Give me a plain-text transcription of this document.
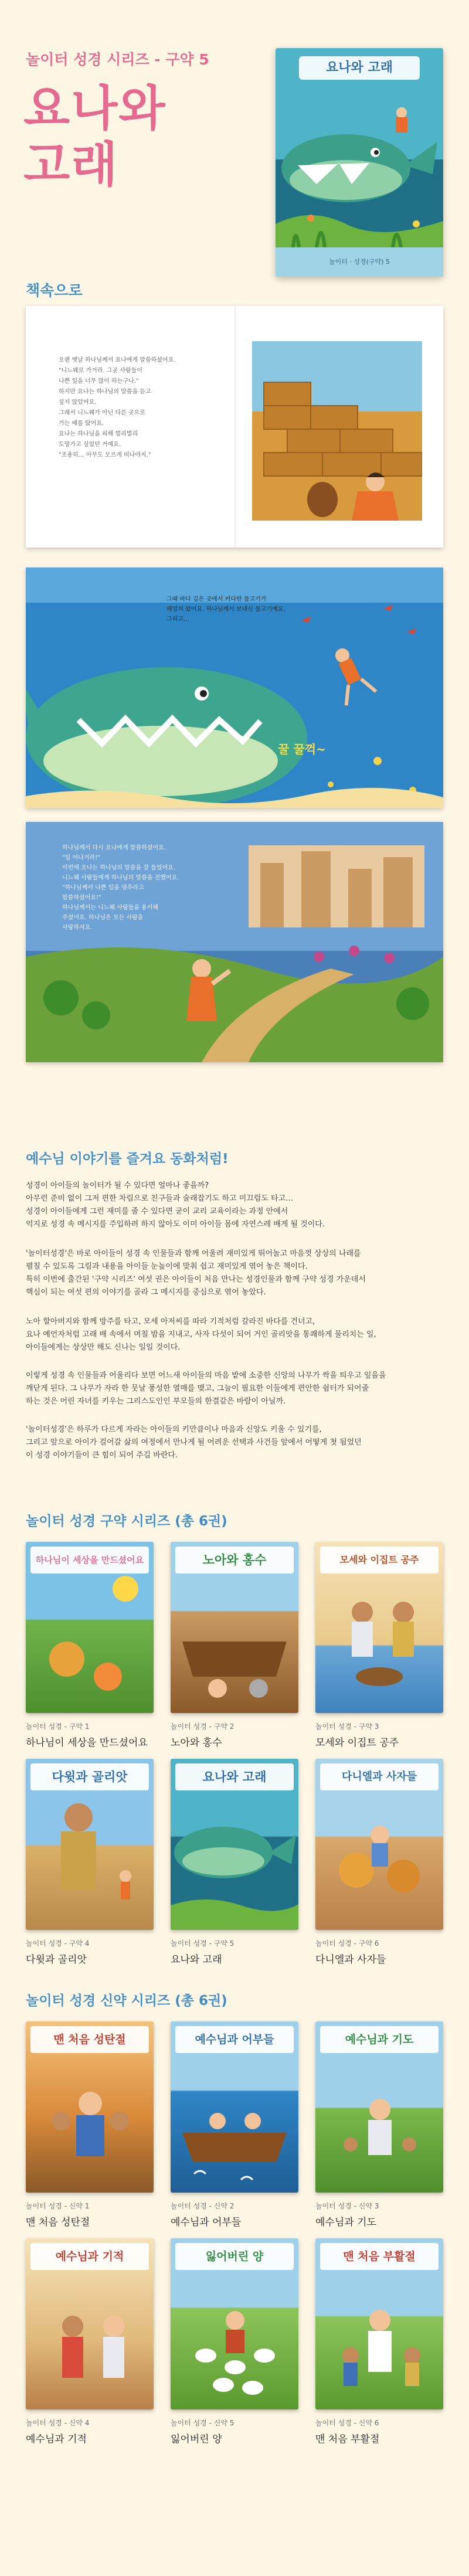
놀이터 성경 시리즈 - 구약 5
요나와
고래
요나와 고래
놀이터 · 성경(구약) 5
책속으로
오랜 옛날 하나님께서 요나에게 말씀하셨어요.
"니느웨로 가거라. 그곳 사람들이
나쁜 일을 너무 많이 하는구나."
하지만 요나는 하나님의 말씀을 듣고
싶지 않았어요.
그래서 니느웨가 아닌 다른 곳으로
가는 배를 탔어요.
요나는 하나님을 피해 멀리멀리
도망가고 싶었던 거예요.
"조용히… 아무도 모르게 떠나야지."
그때 바다 깊은 곳에서 커다란 물고기가
헤엄쳐 왔어요. 하나님께서 보내신 물고기예요.
그리고…
꿀 꿀꺽~
하나님께서 다시 요나에게 말씀하셨어요.
"일 어나거라!"
이번에 요나는 하나님의 말씀을 잘 들었어요.
니느웨 사람들에게 하나님의 말씀을 전했어요.
"하나님께서 나쁜 일을 멈추라고
말씀하셨어요!"
하나님께서는 니느웨 사람들을 용서해
주셨어요. 하나님은 모든 사람을
사랑하셔요.
예수님 이야기를 즐겨요 동화처럼!

성경이 아이들의 놀이터가 될 수 있다면 얼마나 좋을까?
아무런 준비 없이 그저 편한 차림으로 친구들과 술래잡기도 하고 미끄럼도 타고…
성경이 아이들에게 그런 재미를 줄 수 있다면 굳이 교리 교육이라는 과정 안에서
억지로 성경 속 메시지를 주입하려 하지 않아도 이미 아이들 몸에 자연스레 배게 될 것이다.

'놀이터성경'은 바로 아이들이 성경 속 인물들과 함께 어울려 재미있게 뛰어놀고 마음껏 상상의 나래를
펼칠 수 있도록 그림과 내용을 아이들 눈높이에 맞춰 쉽고 재미있게 엮어 놓은 책이다.
특히 이번에 출간된 '구약 시리즈' 여섯 권은 아이들이 처음 만나는 성경인물과 함께 구약 성경 가운데서
핵심이 되는 여섯 편의 이야기를 골라 그 메시지를 중심으로 엮어 놓았다.

노아 할아버지와 함께 방주를 타고, 모세 아저씨를 따라 기적처럼 갈라진 바다를 건너고,
요나 예언자처럼 고래 배 속에서 며칠 밤을 지내고, 사자 다섯이 되어 거인 골리앗을 통쾌하게 물리치는 일,
아이들에게는 상상만 해도 신나는 일일 것이다.

이렇게 성경 속 인물들과 어울리다 보면 어느새 아이들의 마음 밭에 소중한 신앙의 나무가 싹을 틔우고 잎을을
깨닫게 된다. 그 나무가 자라 한 뭇날 풍성한 열매를 맺고, 그늘이 필요한 이들에게 편안한 쉼터가 되어줄
하는 것은 어린 자녀를 키우는 그리스도인인 부모들의 한결같은 바람이 아닐까.

'놀이터성경'은 하루가 다르게 자라는 아이들의 키만큼이나 마음과 신앙도 키울 수 있기를,
그리고 앞으로 아이가 걸어갈 삶의 여정에서 만나게 될 어려운 선택과 사건들 앞에서 어떻게 첫 됨었던
이 성경 이야기들이 큰 힘이 되어 주길 바란다.

놀이터 성경 구약 시리즈 (총 6권)
하나님이 세상을 만드셨어요
놀이터 성경 - 구약 1
하나님이 세상을 만드셨어요
노아와 홍수
놀이터 성경 - 구약 2
노아와 홍수
모세와 이집트 공주
놀이터 성경 - 구약 3
모세와 이집트 공주
다윗과 골리앗
놀이터 성경 - 구약 4
다윗과 골리앗
요나와 고래
놀이터 성경 - 구약 5
요나와 고래
다니엘과 사자들
놀이터 성경 - 구약 6
다니엘과 사자들
놀이터 성경 신약 시리즈 (총 6권)
맨 처음 성탄절
놀이터 성경 - 신약 1
맨 처음 성탄절
예수님과 어부들
놀이터 성경 - 신약 2
예수님과 어부들
예수님과 기도
놀이터 성경 - 신약 3
예수님과 기도
예수님과 기적
놀이터 성경 - 신약 4
예수님과 기적
잃어버린 양
놀이터 성경 - 신약 5
잃어버린 양
맨 처음 부활절
놀이터 성경 - 신약 6
맨 처음 부활절
